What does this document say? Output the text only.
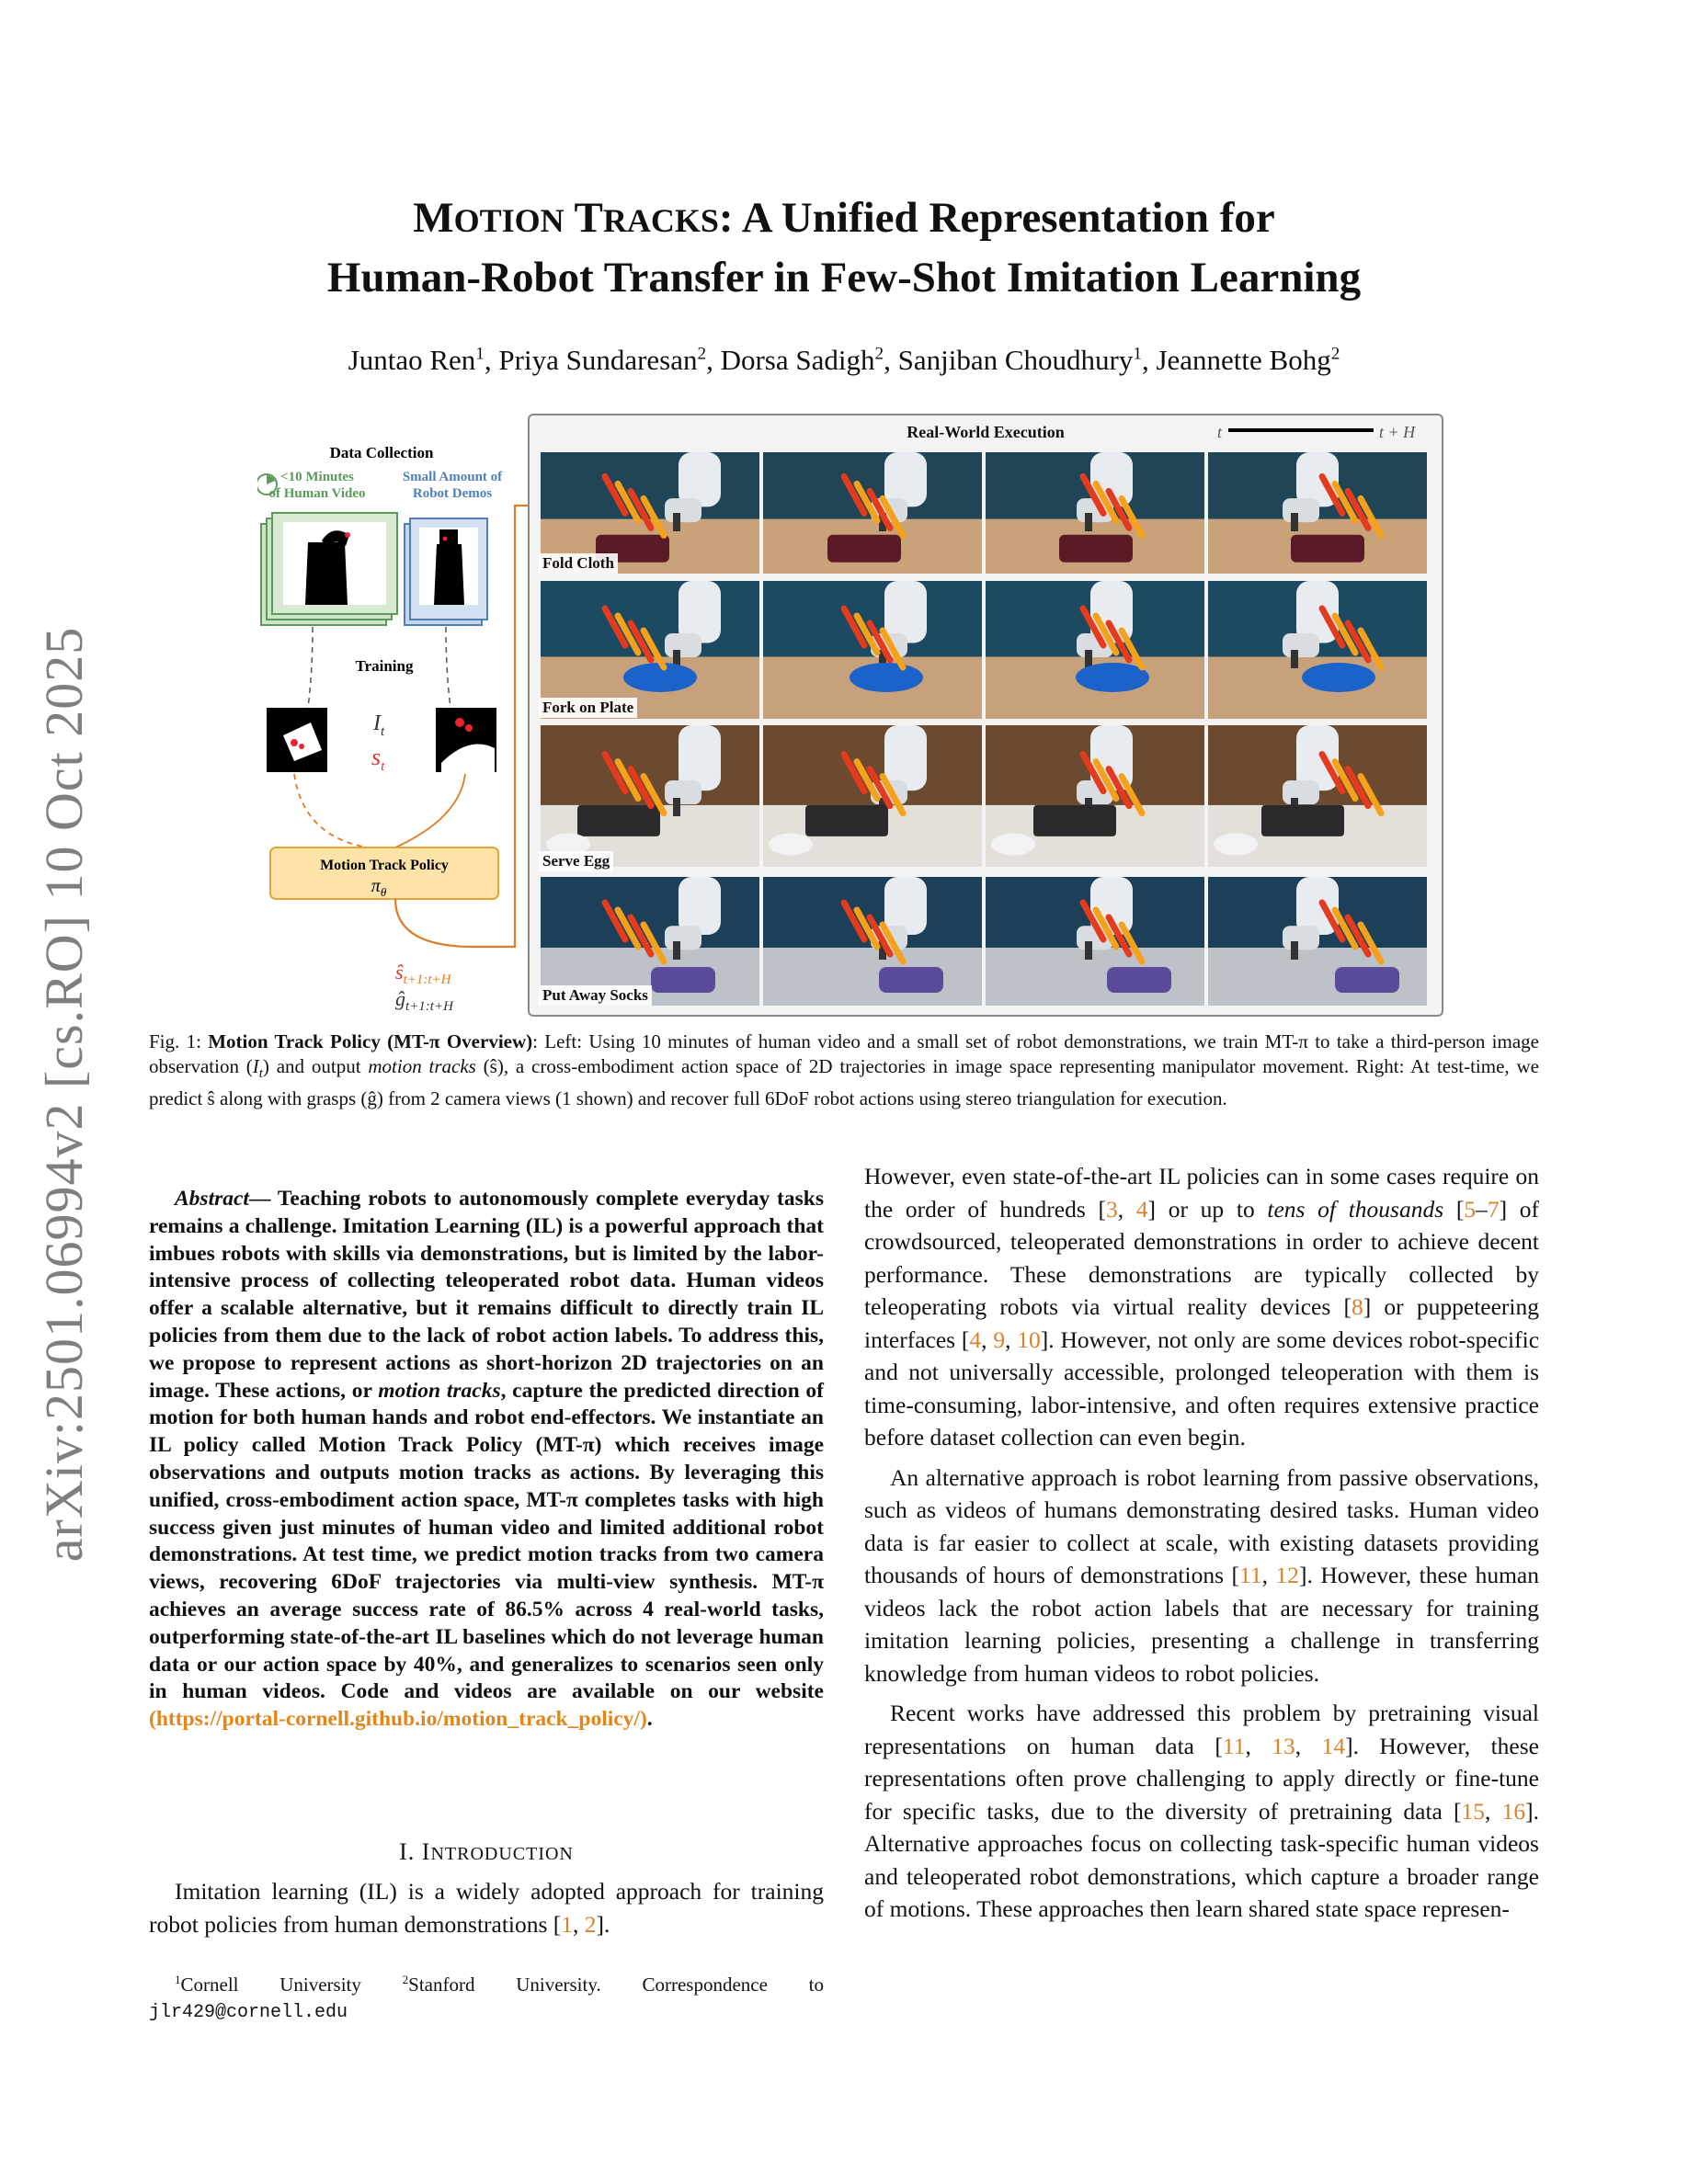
arXiv:2501.06994v2 [cs.RO] 10 Oct 2025
MOTION TRACKS: A Unified Representation for
Human-Robot Transfer in Few-Shot Imitation Learning
Juntao Ren$^1$, Priya Sundaresan$^2$, Dorsa Sadigh$^2$, Sanjiban Choudhury$^1$, Jeannette Bohg$^2$
Data Collection
<10 Minutes
of Human Video
Small Amount of
Robot Demos
Training
$I_t$
$s_t$
Motion Track Policy
$\pi_\theta$
$ŝ_{t+1:t+H}$
$ĝ_{t+1:t+H}$
Real-World Execution	t	t + H
Fold Cloth
Fork on Plate
Serve Egg
Put Away Socks
Fig. 1: Motion Track Policy (MT-π Overview): Left: Using 10 minutes of human video and a small set of robot demonstrations, we train MT-π to take a third-person image observation $(I_t)$ and output motion tracks (ŝ), a cross-embodiment action space of 2D trajectories in image space representing manipulator movement. Right: At test-time, we predict ŝ along with grasps (ĝ) from 2 camera views (1 shown) and recover full 6DoF robot actions using stereo triangulation for execution.

Abstract— Teaching robots to autonomously complete everyday tasks remains a challenge. Imitation Learning (IL) is a powerful approach that imbues robots with skills via demonstrations, but is limited by the labor-intensive process of collecting teleoperated robot data. Human videos offer a scalable alternative, but it remains difficult to directly train IL policies from them due to the lack of robot action labels. To address this, we propose to represent actions as short-horizon 2D trajectories on an image. These actions, or motion tracks, capture the predicted direction of motion for both human hands and robot end-effectors. We instantiate an IL policy called Motion Track Policy (MT-π) which receives image observations and outputs motion tracks as actions. By leveraging this unified, cross-embodiment action space, MT-π completes tasks with high success given just minutes of human video and limited additional robot demonstrations. At test time, we predict motion tracks from two camera views, recovering 6DoF trajectories via multi-view synthesis. MT-π achieves an average success rate of 86.5% across 4 real-world tasks, outperforming state-of-the-art IL baselines which do not leverage human data or our action space by 40%, and generalizes to scenarios seen only in human videos. Code and videos are available on our website (https://portal-cornell.github.io/motion_track_policy/).

I. INTRODUCTION

Imitation learning (IL) is a widely adopted approach for training robot policies from human demonstrations [1, 2].

$^1$Cornell University $^2$Stanford University. Correspondence to jlr429@cornell.edu

However, even state-of-the-art IL policies can in some cases require on the order of hundreds [3, 4] or up to tens of thousands [5–7] of crowdsourced, teleoperated demonstrations in order to achieve decent performance. These demonstrations are typically collected by teleoperating robots via virtual reality devices [8] or puppeteering interfaces [4, 9, 10]. However, not only are some devices robot-specific and not universally accessible, prolonged teleoperation with them is time-consuming, labor-intensive, and often requires extensive practice before dataset collection can even begin.

An alternative approach is robot learning from passive observations, such as videos of humans demonstrating desired tasks. Human video data is far easier to collect at scale, with existing datasets providing thousands of hours of demonstrations [11, 12]. However, these human videos lack the robot action labels that are necessary for training imitation learning policies, presenting a challenge in transferring knowledge from human videos to robot policies.

Recent works have addressed this problem by pretraining visual representations on human data [11, 13, 14]. However, these representations often prove challenging to apply directly or fine-tune for specific tasks, due to the diversity of pretraining data [15, 16]. Alternative approaches focus on collecting task-specific human videos and teleoperated robot demonstrations, which capture a broader range of motions. These approaches then learn shared state space represen-
